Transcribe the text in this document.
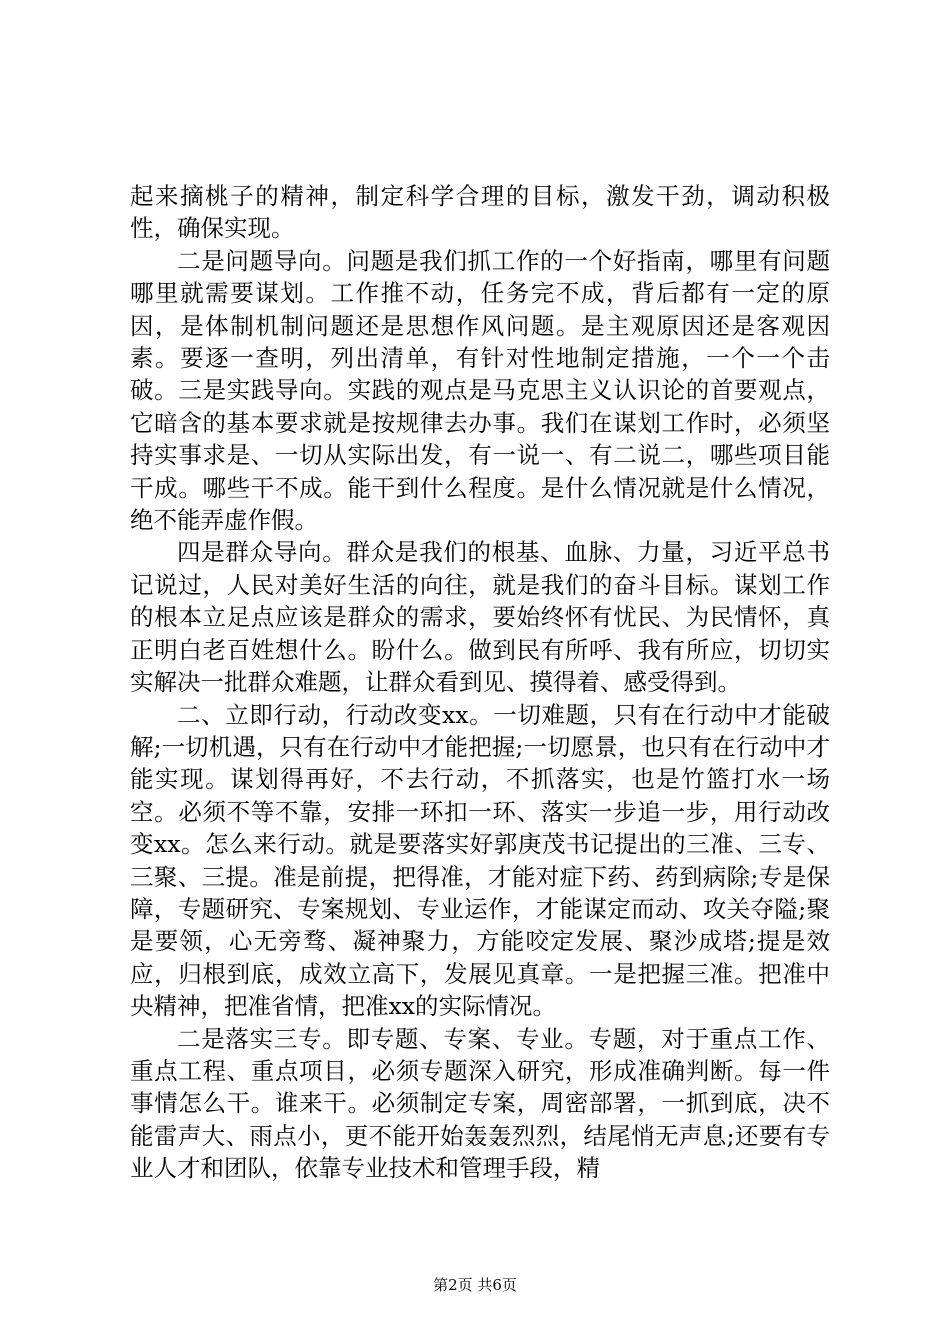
起来摘桃子的精神，制定科学合理的目标，激发干劲，调动积极性，确保实现。

二是问题导向。问题是我们抓工作的一个好指南，哪里有问题哪里就需要谋划。工作推不动，任务完不成，背后都有一定的原因，是体制机制问题还是思想作风问题。是主观原因还是客观因素。要逐一查明，列出清单，有针对性地制定措施，一个一个击破。三是实践导向。实践的观点是马克思主义认识论的首要观点，它暗含的基本要求就是按规律去办事。我们在谋划工作时，必须坚持实事求是、一切从实际出发，有一说一、有二说二，哪些项目能干成。哪些干不成。能干到什么程度。是什么情况就是什么情况，绝不能弄虚作假。

四是群众导向。群众是我们的根基、血脉、力量，习近平总书记说过，人民对美好生活的向往，就是我们的奋斗目标。谋划工作的根本立足点应该是群众的需求，要始终怀有忧民、为民情怀，真正明白老百姓想什么。盼什么。做到民有所呼、我有所应，切切实实解决一批群众难题，让群众看到见、摸得着、感受得到。

二、立即行动，行动改变xx。一切难题，只有在行动中才能破解;一切机遇，只有在行动中才能把握;一切愿景，也只有在行动中才能实现。谋划得再好，不去行动，不抓落实，也是竹篮打水一场空。必须不等不靠，安排一环扣一环、落实一步追一步，用行动改变xx。怎么来行动。就是要落实好郭庚茂书记提出的三准、三专、三聚、三提。准是前提，把得准，才能对症下药、药到病除;专是保障，专题研究、专案规划、专业运作，才能谋定而动、攻关夺隘;聚是要领，心无旁骛、凝神聚力，方能咬定发展、聚沙成塔;提是效应，归根到底，成效立高下，发展见真章。一是把握三准。把准中央精神，把准省情，把准xx的实际情况。

二是落实三专。即专题、专案、专业。专题，对于重点工作、重点工程、重点项目，必须专题深入研究，形成准确判断。每一件事情怎么干。谁来干。必须制定专案，周密部署，一抓到底，决不能雷声大、雨点小，更不能开始轰轰烈烈，结尾悄无声息;还要有专业人才和团队，依靠专业技术和管理手段，精

第2页 共6页
